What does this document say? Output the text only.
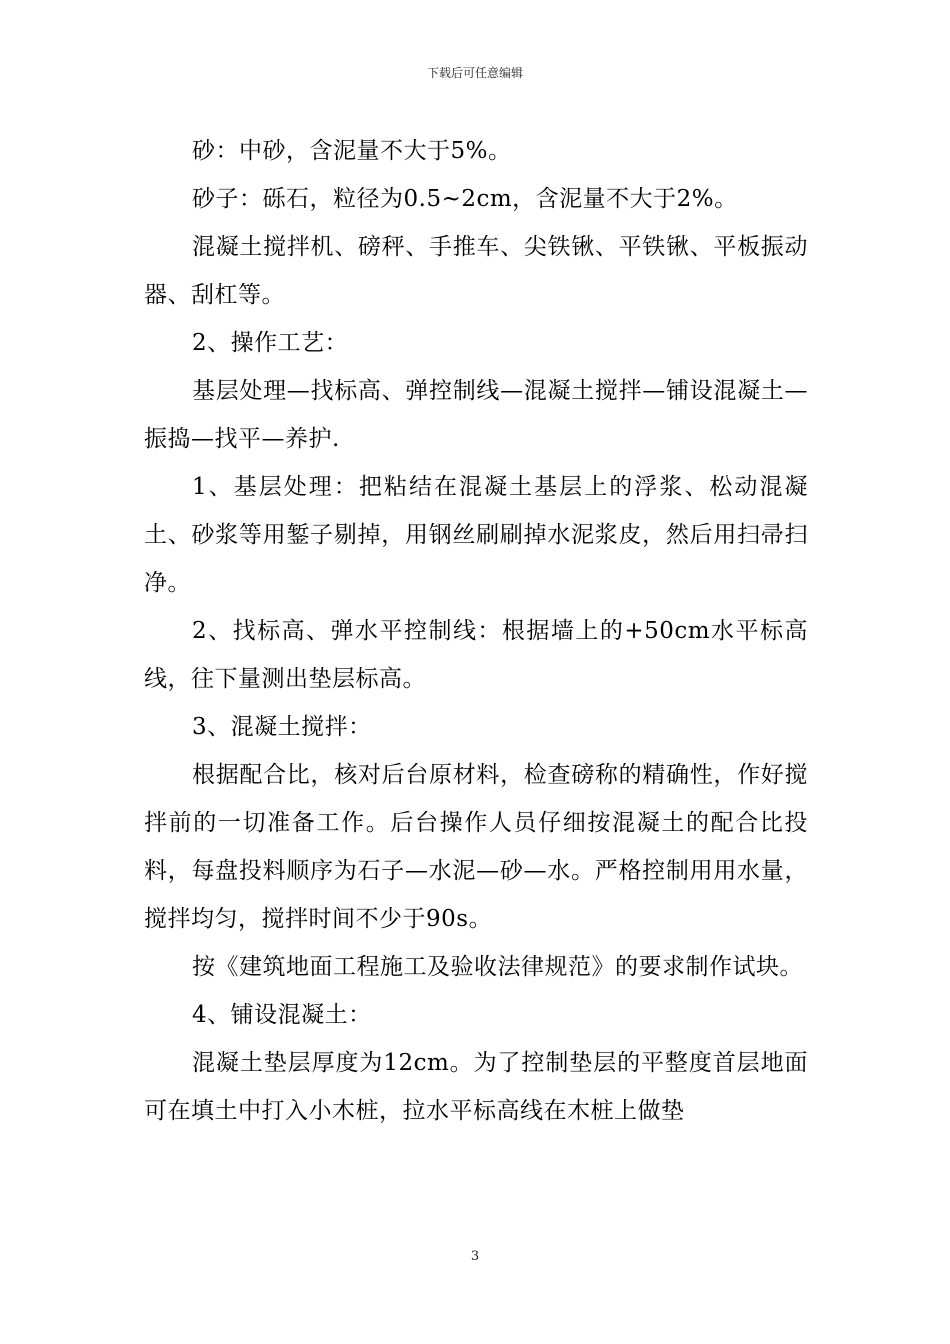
下载后可任意编辑

砂：中砂，含泥量不大于5%。

砂子：砾石，粒径为0.5~2cm，含泥量不大于2%。

混凝土搅拌机、磅秤、手推车、尖铁锹、平铁锹、平板振动器、刮杠等。

2、操作工艺：

基层处理—找标高、弹控制线—混凝土搅拌—铺设混凝土—振捣—找平—养护.

1、基层处理：把粘结在混凝土基层上的浮浆、松动混凝土、砂浆等用錾子剔掉，用钢丝刷刷掉水泥浆皮，然后用扫帚扫净。

2、找标高、弹水平控制线：根据墙上的+50cm水平标高线，往下量测出垫层标高。

3、混凝土搅拌：

根据配合比，核对后台原材料，检查磅称的精确性，作好搅拌前的一切准备工作。后台操作人员仔细按混凝土的配合比投料，每盘投料顺序为石子—水泥—砂—水。严格控制用用水量，搅拌均匀，搅拌时间不少于90s。

按《建筑地面工程施工及验收法律规范》的要求制作试块。

4、铺设混凝土：

混凝土垫层厚度为12cm。为了控制垫层的平整度首层地面可在填土中打入小木桩，拉水平标高线在木桩上做垫

3
